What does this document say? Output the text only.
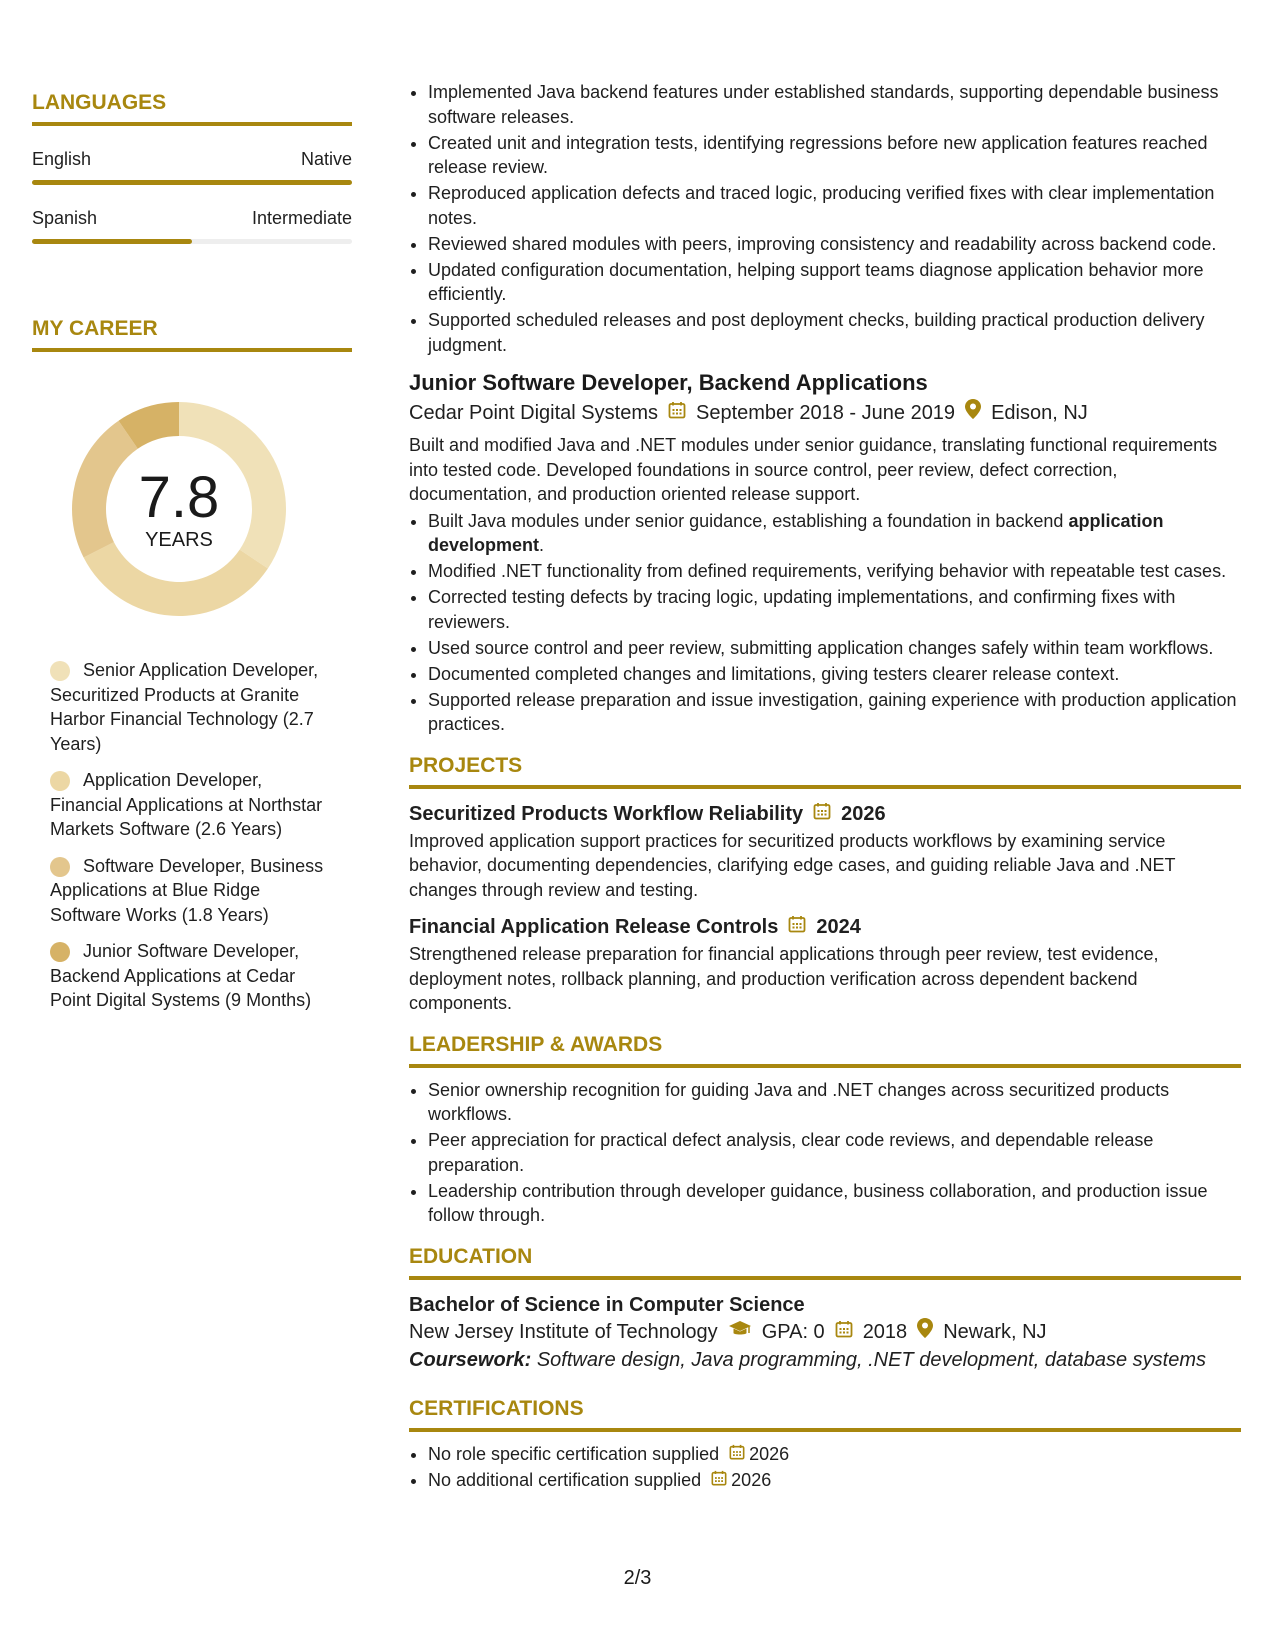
LANGUAGES
English	Native
Spanish	Intermediate
MY CAREER
7.8
YEARS
Senior Application Developer, Securitized Products at Granite Harbor Financial Technology (2.7 Years)
Application Developer, Financial Applications at Northstar Markets Software (2.6 Years)
Software Developer, Business Applications at Blue Ridge Software Works (1.8 Years)
Junior Software Developer, Backend Applications at Cedar Point Digital Systems (9 Months)
• Implemented Java backend features under established standards, supporting dependable business software releases.
• Created unit and integration tests, identifying regressions before new application features reached release review.
• Reproduced application defects and traced logic, producing verified fixes with clear implementation notes.
• Reviewed shared modules with peers, improving consistency and readability across backend code.
• Updated configuration documentation, helping support teams diagnose application behavior more efficiently.
• Supported scheduled releases and post deployment checks, building practical production delivery judgment.
Junior Software Developer, Backend Applications
Cedar Point Digital Systems September 2018 - June 2019 Edison, NJ
Built and modified Java and .NET modules under senior guidance, translating functional requirements into tested code. Developed foundations in source control, peer review, defect correction, documentation, and production oriented release support.
• Built Java modules under senior guidance, establishing a foundation in backend application development.
• Modified .NET functionality from defined requirements, verifying behavior with repeatable test cases.
• Corrected testing defects by tracing logic, updating implementations, and confirming fixes with reviewers.
• Used source control and peer review, submitting application changes safely within team workflows.
• Documented completed changes and limitations, giving testers clearer release context.
• Supported release preparation and issue investigation, gaining experience with production application practices.
PROJECTS
Securitized Products Workflow Reliability 2026
Improved application support practices for securitized products workflows by examining service behavior, documenting dependencies, clarifying edge cases, and guiding reliable Java and .NET changes through review and testing.
Financial Application Release Controls 2024
Strengthened release preparation for financial applications through peer review, test evidence, deployment notes, rollback planning, and production verification across dependent backend components.
LEADERSHIP & AWARDS
• Senior ownership recognition for guiding Java and .NET changes across securitized products workflows.
• Peer appreciation for practical defect analysis, clear code reviews, and dependable release preparation.
• Leadership contribution through developer guidance, business collaboration, and production issue follow through.
EDUCATION
Bachelor of Science in Computer Science
New Jersey Institute of Technology GPA: 0 2018 Newark, NJ
Coursework: Software design, Java programming, .NET development, database systems
CERTIFICATIONS
• No role specific certification supplied 2026
• No additional certification supplied 2026
2/3
